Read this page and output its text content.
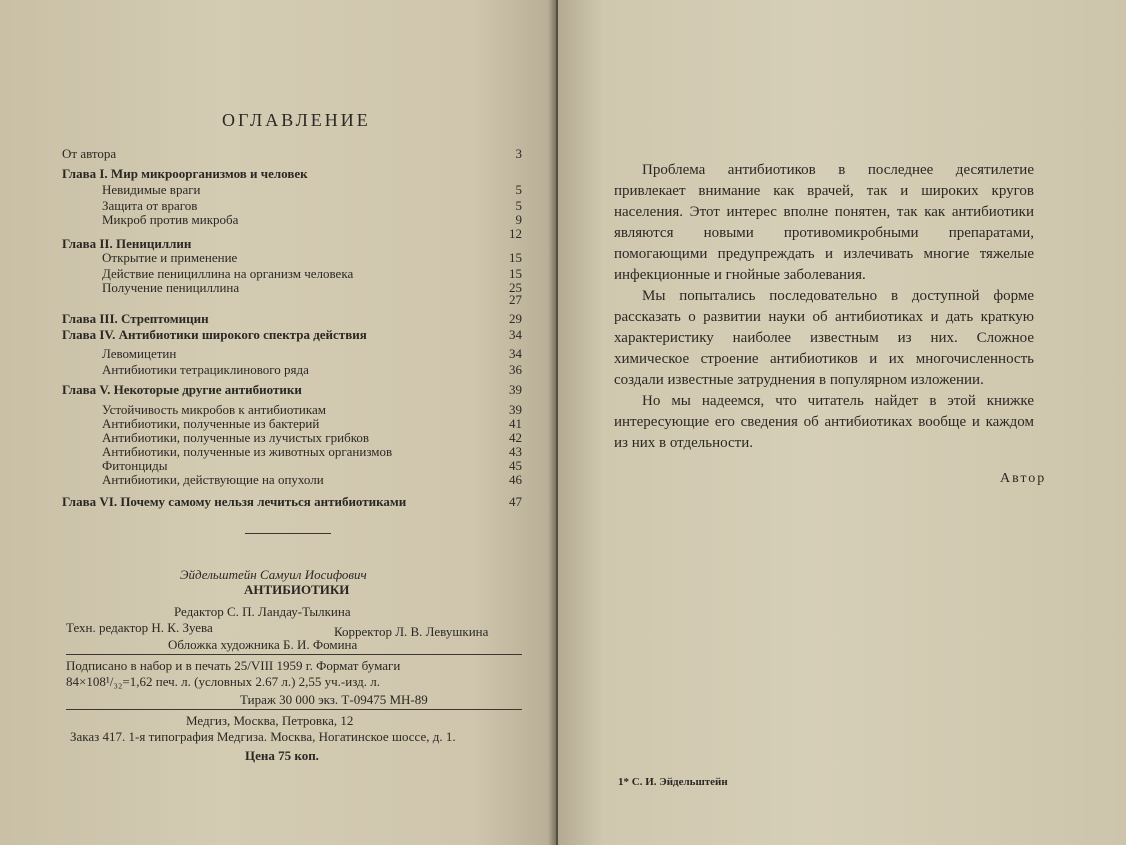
ОГЛАВЛЕНИЕ
От автора	3
Глава I. Мир микроорганизмов и человек
Невидимые враги	5
Защита от врагов	5
Микроб против микроба	9
12
Глава II. Пенициллин
Открытие и применение	15
Действие пенициллина на организм человека	15
Получение пенициллина	25
27
Глава III. Стрептомицин	29
Глава IV. Антибиотики широкого спектра действия	34
Левомицетин	34
Антибиотики тетрациклинового ряда	36
Глава V. Некоторые другие антибиотики	39
Устойчивость микробов к антибиотикам	39
Антибиотики, полученные из бактерий	41
Антибиотики, полученные из лучистых грибков	42
Антибиотики, полученные из животных организмов	43
Фитонциды	45
Антибиотики, действующие на опухоли	46
Глава VI. Почему самому нельзя лечиться антибиотиками	47
Эйдельштейн Самуил Иосифович
АНТИБИОТИКИ
Редактор С. П. Ландау-Тылкина
Техн. редактор Н. К. Зуева	Корректор Л. В. Левушкина
Обложка художника Б. И. Фомина
Подписано в набор и в печать 25/VIII 1959 г. Формат бумаги
84×108¹/₃₂=1,62 печ. л. (условных 2.67 л.) 2,55 уч.-изд. л.
Тираж 30 000 экз. Т-09475 МН-89
Медгиз, Москва, Петровка, 12
Заказ 417. 1-я типография Медгиза. Москва, Ногатинское шоссе, д. 1.
Цена 75 коп.

Проблема антибиотиков в последнее десятилетие привлекает внимание как врачей, так и широких кругов населения. Этот интерес вполне понятен, так как антибиотики являются новыми противомикробными препаратами, помогающими предупреждать и излечивать многие тяжелые инфекционные и гнойные заболевания.

Мы попытались последовательно в доступной форме рассказать о развитии науки об антибиотиках и дать краткую характеристику наиболее известным из них. Сложное химическое строение антибиотиков и их многочисленность создали известные затруднения в популярном изложении.

Но мы надеемся, что читатель найдет в этой книжке интересующие его сведения об антибиотиках вообще и каждом из них в отдельности.

Автор
1* С. И. Эйдельштейн
